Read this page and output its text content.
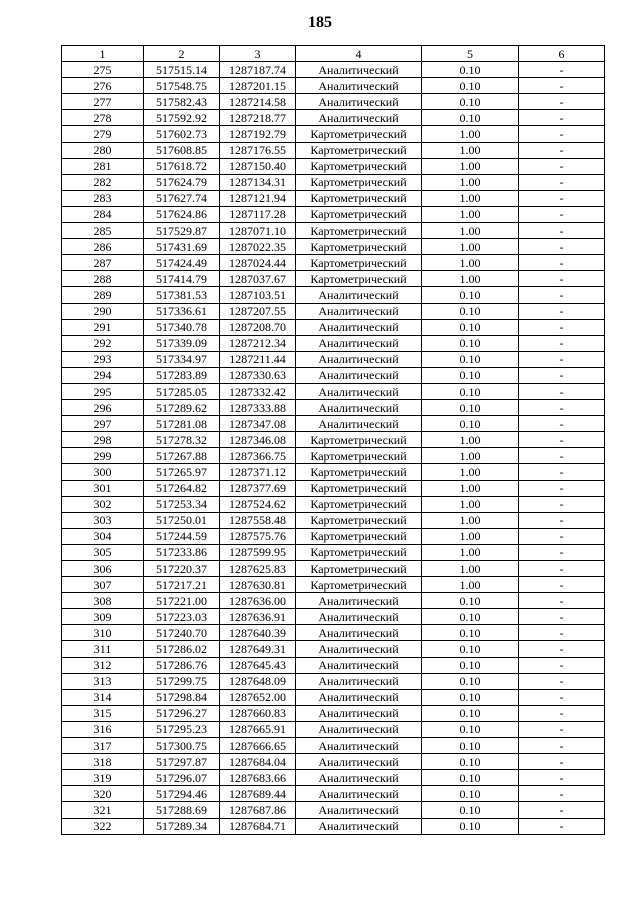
185
1	2	3	4	5	6
275	517515.14	1287187.74	Аналитический	0.10	-
276	517548.75	1287201.15	Аналитический	0.10	-
277	517582.43	1287214.58	Аналитический	0.10	-
278	517592.92	1287218.77	Аналитический	0.10	-
279	517602.73	1287192.79	Картометрический	1.00	-
280	517608.85	1287176.55	Картометрический	1.00	-
281	517618.72	1287150.40	Картометрический	1.00	-
282	517624.79	1287134.31	Картометрический	1.00	-
283	517627.74	1287121.94	Картометрический	1.00	-
284	517624.86	1287117.28	Картометрический	1.00	-
285	517529.87	1287071.10	Картометрический	1.00	-
286	517431.69	1287022.35	Картометрический	1.00	-
287	517424.49	1287024.44	Картометрический	1.00	-
288	517414.79	1287037.67	Картометрический	1.00	-
289	517381.53	1287103.51	Аналитический	0.10	-
290	517336.61	1287207.55	Аналитический	0.10	-
291	517340.78	1287208.70	Аналитический	0.10	-
292	517339.09	1287212.34	Аналитический	0.10	-
293	517334.97	1287211.44	Аналитический	0.10	-
294	517283.89	1287330.63	Аналитический	0.10	-
295	517285.05	1287332.42	Аналитический	0.10	-
296	517289.62	1287333.88	Аналитический	0.10	-
297	517281.08	1287347.08	Аналитический	0.10	-
298	517278.32	1287346.08	Картометрический	1.00	-
299	517267.88	1287366.75	Картометрический	1.00	-
300	517265.97	1287371.12	Картометрический	1.00	-
301	517264.82	1287377.69	Картометрический	1.00	-
302	517253.34	1287524.62	Картометрический	1.00	-
303	517250.01	1287558.48	Картометрический	1.00	-
304	517244.59	1287575.76	Картометрический	1.00	-
305	517233.86	1287599.95	Картометрический	1.00	-
306	517220.37	1287625.83	Картометрический	1.00	-
307	517217.21	1287630.81	Картометрический	1.00	-
308	517221.00	1287636.00	Аналитический	0.10	-
309	517223.03	1287636.91	Аналитический	0.10	-
310	517240.70	1287640.39	Аналитический	0.10	-
311	517286.02	1287649.31	Аналитический	0.10	-
312	517286.76	1287645.43	Аналитический	0.10	-
313	517299.75	1287648.09	Аналитический	0.10	-
314	517298.84	1287652.00	Аналитический	0.10	-
315	517296.27	1287660.83	Аналитический	0.10	-
316	517295.23	1287665.91	Аналитический	0.10	-
317	517300.75	1287666.65	Аналитический	0.10	-
318	517297.87	1287684.04	Аналитический	0.10	-
319	517296.07	1287683.66	Аналитический	0.10	-
320	517294.46	1287689.44	Аналитический	0.10	-
321	517288.69	1287687.86	Аналитический	0.10	-
322	517289.34	1287684.71	Аналитический	0.10	-
